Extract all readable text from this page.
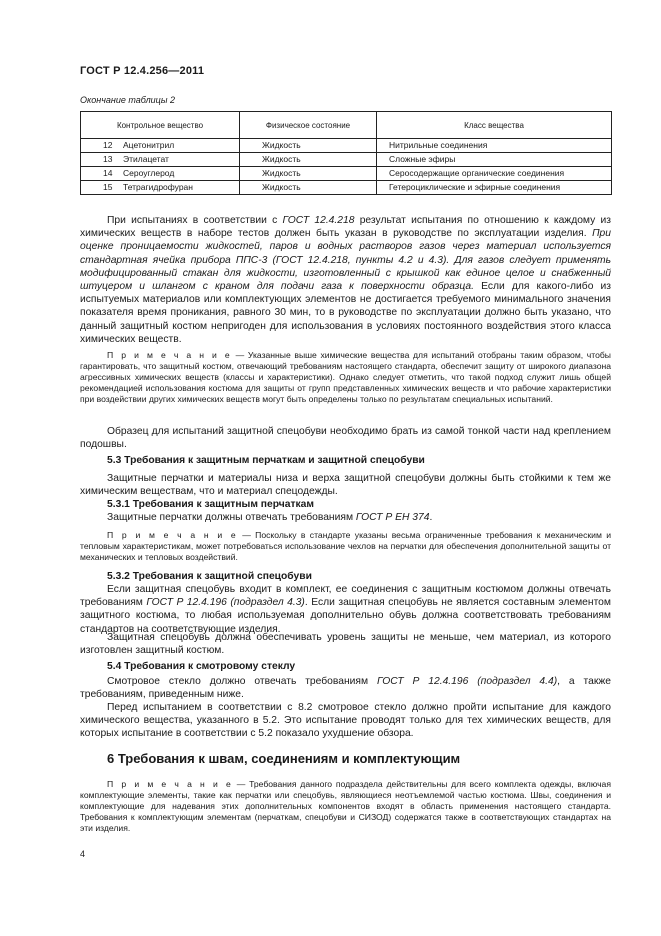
ГОСТ Р 12.4.256—2011
Окончание таблицы 2
Контрольное вещество	Физическое состояние	Класс вещества
12 Ацетонитрил	Жидкость	Нитрильные соединения
13 Этилацетат	Жидкость	Сложные эфиры
14 Сероуглерод	Жидкость	Серосодержащие органические соединения
15 Тетрагидрофуран	Жидкость	Гетероциклические и эфирные соединения

При испытаниях в соответствии с ГОСТ 12.4.218 результат испытания по отношению к каждому из химических веществ в наборе тестов должен быть указан в руководстве по эксплуатации изделия. При оценке проницаемости жидкостей, паров и водных растворов газов через материал используется стандартная ячейка прибора ППС-3 (ГОСТ 12.4.218, пункты 4.2 и 4.3). Для газов следует применять модифицированный стакан для жидкости, изготовленный с крышкой как единое целое и снабженный штуцером и шлангом с краном для подачи газа к поверхности образца. Если для какого-либо из испытуемых материалов или комплектующих элементов не достигается требуемого минимального значения показателя время проникания, равного 30 мин, то в руководстве по эксплуатации должно быть указано, что данный защитный костюм непригоден для использования в условиях постоянного воздействия этого класса химических веществ.

П р и м е ч а н и е — Указанные выше химические вещества для испытаний отобраны таким образом, чтобы гарантировать, что защитный костюм, отвечающий требованиям настоящего стандарта, обеспечит защиту от широкого диапазона агрессивных химических веществ (классы и характеристики). Однако следует отметить, что такой подход служит лишь общей рекомендацией использования костюма для защиты от групп представленных химических веществ и что рабочие характеристики при воздействии других химических веществ могут быть определены только по результатам специальных испытаний.

Образец для испытаний защитной спецобуви необходимо брать из самой тонкой части над креплением подошвы.

5.3 Требования к защитным перчаткам и защитной спецобуви

Защитные перчатки и материалы низа и верха защитной спецобуви должны быть стойкими к тем же химическим веществам, что и материал спецодежды.

5.3.1 Требования к защитным перчаткам

Защитные перчатки должны отвечать требованиям ГОСТ Р ЕН 374.

П р и м е ч а н и е — Поскольку в стандарте указаны весьма ограниченные требования к механическим и тепловым характеристикам, может потребоваться использование чехлов на перчатки для обеспечения дополнительной защиты от механических и тепловых воздействий.

5.3.2 Требования к защитной спецобуви

Если защитная спецобувь входит в комплект, ее соединения с защитным костюмом должны отвечать требованиям ГОСТ Р 12.4.196 (подраздел 4.3). Если защитная спецобувь не является составным элементом защитного костюма, то любая используемая дополнительно обувь должна соответствовать требованиям стандартов на соответствующие изделия.

Защитная спецобувь должна обеспечивать уровень защиты не меньше, чем материал, из которого изготовлен защитный костюм.

5.4 Требования к смотровому стеклу

Смотровое стекло должно отвечать требованиям ГОСТ Р 12.4.196 (подраздел 4.4), а также требованиям, приведенным ниже.

Перед испытанием в соответствии с 8.2 смотровое стекло должно пройти испытание для каждого химического вещества, указанного в 5.2. Это испытание проводят только для тех химических веществ, для которых испытание в соответствии с 5.2 показало ухудшение обзора.

6 Требования к швам, соединениям и комплектующим

П р и м е ч а н и е — Требования данного подраздела действительны для всего комплекта одежды, включая комплектующие элементы, такие как перчатки или спецобувь, являющиеся неотъемлемой частью костюма. Швы, соединения и комплектующие для надевания этих дополнительных компонентов входят в область применения настоящего стандарта. Требования к комплектующим элементам (перчаткам, спецобуви и СИЗОД) содержатся также в соответствующих стандартах на эти изделия.

4
